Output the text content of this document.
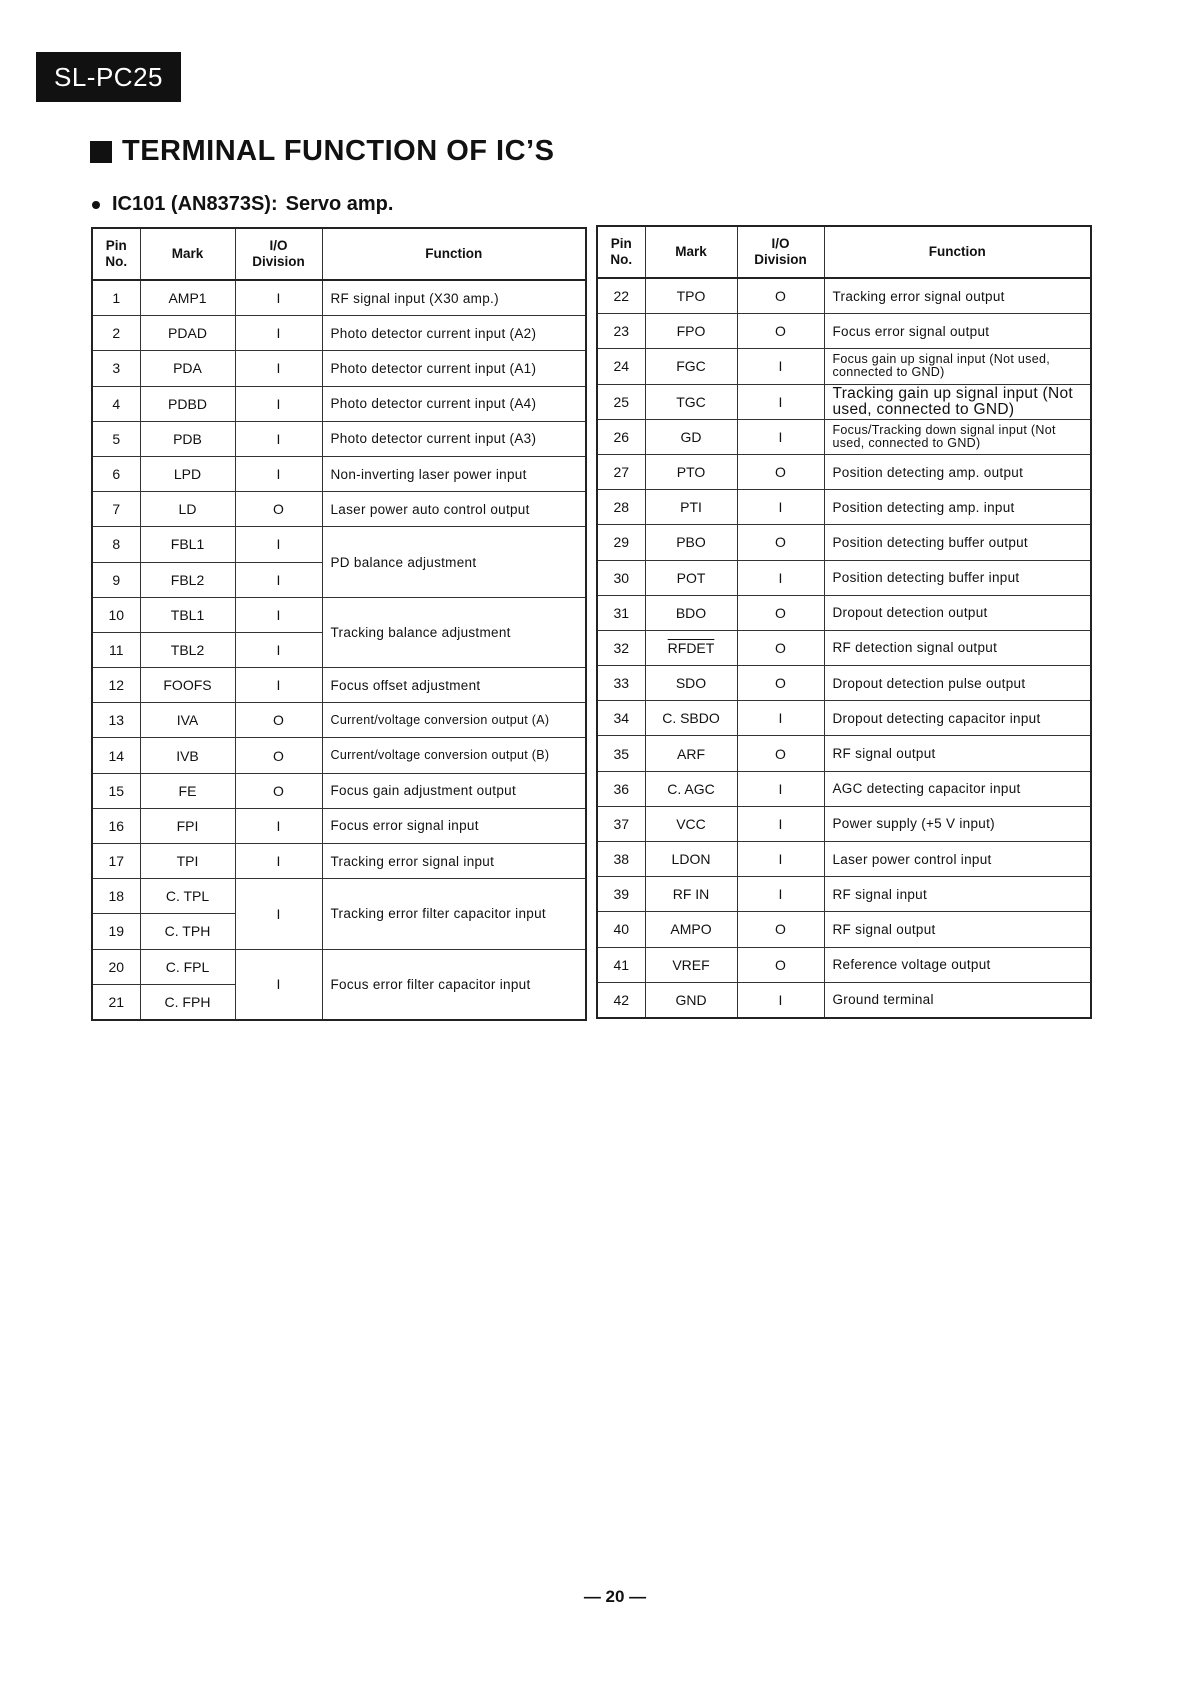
SL-PC25
TERMINAL FUNCTION OF IC’S
IC101 (AN8373S): Servo amp.
Pin No.	Mark	I/O Division	Function
1	AMP1	I	RF signal input (X30 amp.)
2	PDAD	I	Photo detector current input (A2)
3	PDA	I	Photo detector current input (A1)
4	PDBD	I	Photo detector current input (A4)
5	PDB	I	Photo detector current input (A3)
6	LPD	I	Non-inverting laser power input
7	LD	O	Laser power auto control output
8	FBL1	I	PD balance adjustment
9	FBL2	I	
10	TBL1	I	Tracking balance adjustment
11	TBL2	I	
12	FOOFS	I	Focus offset adjustment
13	IVA	O	Current/voltage conversion output (A)
14	IVB	O	Current/voltage conversion output (B)
15	FE	O	Focus gain adjustment output
16	FPI	I	Focus error signal input
17	TPI	I	Tracking error signal input
18	C. TPL	I	Tracking error filter capacitor input
19	C. TPH		
20	C. FPL	I	Focus error filter capacitor input
21	C. FPH		
Pin No.	Mark	I/O Division	Function
22	TPO	O	Tracking error signal output
23	FPO	O	Focus error signal output
24	FGC	I	Focus gain up signal input (Not used, connected to GND)
25	TGC	I	Tracking gain up signal input (Not used, connected to GND)
26	GD	I	Focus/Tracking down signal input (Not used, connected to GND)
27	PTO	O	Position detecting amp. output
28	PTI	I	Position detecting amp. input
29	PBO	O	Position detecting buffer output
30	POT	I	Position detecting buffer input
31	BDO	O	Dropout detection output
32	RFDET	O	RF detection signal output
33	SDO	O	Dropout detection pulse output
34	C. SBDO	I	Dropout detecting capacitor input
35	ARF	O	RF signal output
36	C. AGC	I	AGC detecting capacitor input
37	VCC	I	Power supply (+5 V input)
38	LDON	I	Laser power control input
39	RF IN	I	RF signal input
40	AMPO	O	RF signal output
41	VREF	O	Reference voltage output
42	GND	I	Ground terminal
— 20 —
